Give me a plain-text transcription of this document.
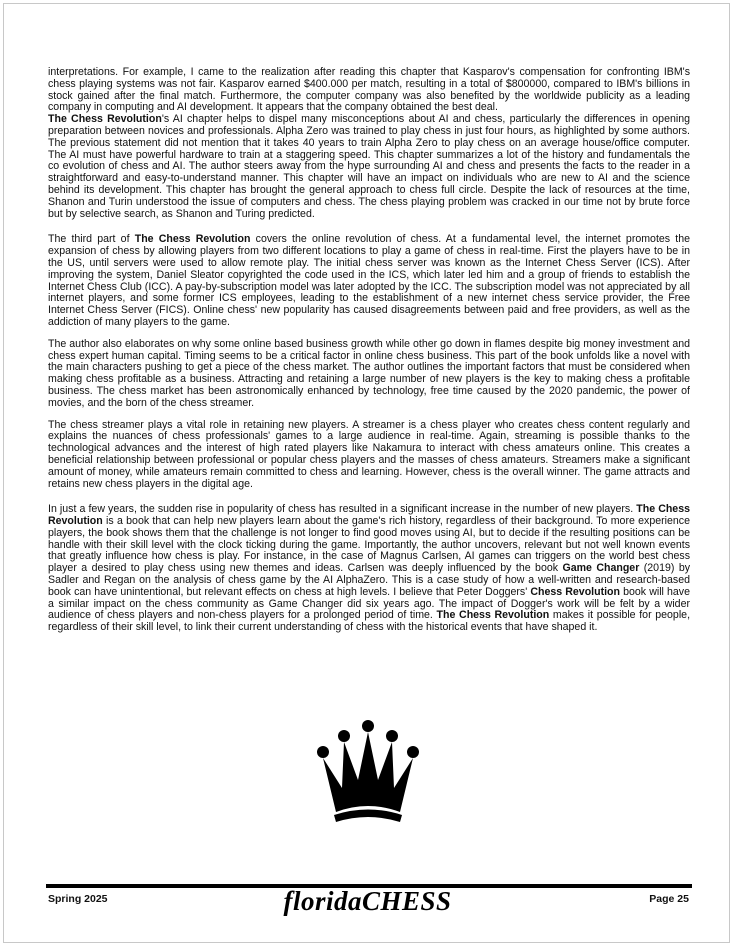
interpretations. For example, I came to the realization after reading this chapter that Kasparov's compensation for confronting IBM's chess playing systems was not fair. Kasparov earned $400.000 per match, resulting in a total of $800000, compared to IBM's billions in stock gained after the final match. Furthermore, the computer company was also benefited by the worldwide publicity as a leading company in computing and AI development. It appears that the company obtained the best deal.

The Chess Revolution's AI chapter helps to dispel many misconceptions about AI and chess, particularly the differences in opening preparation between novices and professionals. Alpha Zero was trained to play chess in just four hours, as highlighted by some authors. The previous statement did not mention that it takes 40 years to train Alpha Zero to play chess on an average house/office computer. The AI must have powerful hardware to train at a staggering speed. This chapter summarizes a lot of the history and fundamentals the co evolution of chess and AI. The author steers away from the hype surrounding AI and chess and presents the facts to the reader in a straightforward and easy-to-understand manner. This chapter will have an impact on individuals who are new to AI and the science behind its development. This chapter has brought the general approach to chess full circle. Despite the lack of resources at the time, Shanon and Turin understood the issue of computers and chess. The chess playing problem was cracked in our time not by brute force but by selective search, as Shanon and Turing predicted.

The third part of The Chess Revolution covers the online revolution of chess. At a fundamental level, the internet promotes the expansion of chess by allowing players from two different locations to play a game of chess in real-time. First the players have to be in the US, until servers were used to allow remote play. The initial chess server was known as the Internet Chess Server (ICS). After improving the system, Daniel Sleator copyrighted the code used in the ICS, which later led him and a group of friends to establish the Internet Chess Club (ICC). A pay-by-subscription model was later adopted by the ICC. The subscription model was not appreciated by all internet players, and some former ICS employees, leading to the establishment of a new internet chess service provider, the Free Internet Chess Server (FICS). Online chess' new popularity has caused disagreements between paid and free providers, as well as the addiction of many players to the game.

The author also elaborates on why some online based business growth while other go down in flames despite big money investment and chess expert human capital. Timing seems to be a critical factor in online chess business. This part of the book unfolds like a novel with the main characters pushing to get a piece of the chess market. The author outlines the important factors that must be considered when making chess profitable as a business. Attracting and retaining a large number of new players is the key to making chess a profitable business. The chess market has been astronomically enhanced by technology, free time caused by the 2020 pandemic, the power of movies, and the born of the chess streamer.

The chess streamer plays a vital role in retaining new players. A streamer is a chess player who creates chess content regularly and explains the nuances of chess professionals' games to a large audience in real-time. Again, streaming is possible thanks to the technological advances and the interest of high rated players like Nakamura to interact with chess amateurs online. This creates a beneficial relationship between professional or popular chess players and the masses of chess amateurs. Streamers make a significant amount of money, while amateurs remain committed to chess and learning. However, chess is the overall winner. The game attracts and retains new chess players in the digital age.

In just a few years, the sudden rise in popularity of chess has resulted in a significant increase in the number of new players. The Chess Revolution is a book that can help new players learn about the game's rich history, regardless of their background. To more experience players, the book shows them that the challenge is not longer to find good moves using AI, but to decide if the resulting positions can be handle with their skill level with the clock ticking during the game. Importantly, the author uncovers, relevant but not well known events that greatly influence how chess is play. For instance, in the case of Magnus Carlsen, AI games can triggers on the world best chess player a desired to play chess using new themes and ideas. Carlsen was deeply influenced by the book Game Changer (2019) by Sadler and Regan on the analysis of chess game by the AI AlphaZero. This is a case study of how a well-written and research-based book can have unintentional, but relevant effects on chess at high levels. I believe that Peter Doggers' Chess Revolution book will have a similar impact on the chess community as Game Changer did six years ago. The impact of Dogger's work will be felt by a wider audience of chess players and non-chess players for a prolonged period of time. The Chess Revolution makes it possible for people, regardless of their skill level, to link their current understanding of chess with the historical events that have shaped it.

Spring 2025	floridaCHESS	Page 25
